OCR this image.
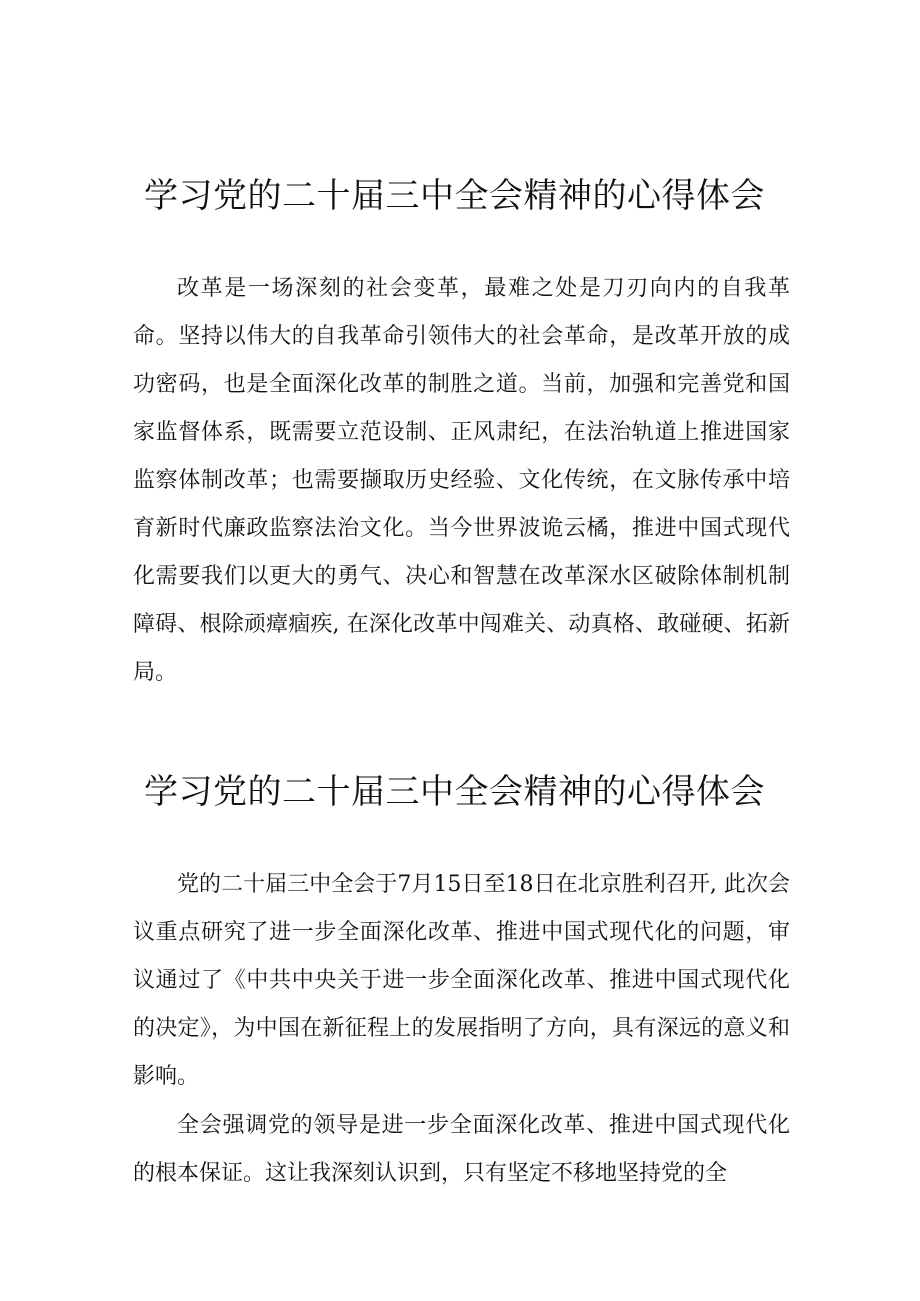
学习党的二十届三中全会精神的心得体会

改革是一场深刻的社会变革，最难之处是刀刃向内的自我革命。坚持以伟大的自我革命引领伟大的社会革命，是改革开放的成功密码，也是全面深化改革的制胜之道。当前，加强和完善党和国家监督体系，既需要立范设制、正风肃纪，在法治轨道上推进国家监察体制改革；也需要撷取历史经验、文化传统，在文脉传承中培育新时代廉政监察法治文化。当今世界波诡云橘，推进中国式现代化需要我们以更大的勇气、决心和智慧在改革深水区破除体制机制障碍、根除顽瘴痼疾, 在深化改革中闯难关、动真格、敢碰硬、拓新局。

学习党的二十届三中全会精神的心得体会

党的二十届三中全会于7月15日至18日在北京胜利召开, 此次会议重点研究了进一步全面深化改革、推进中国式现代化的问题，审议通过了《中共中央关于进一步全面深化改革、推进中国式现代化的决定》，为中国在新征程上的发展指明了方向，具有深远的意义和影响。

全会强调党的领导是进一步全面深化改革、推进中国式现代化的根本保证。这让我深刻认识到，只有坚定不移地坚持党的全
